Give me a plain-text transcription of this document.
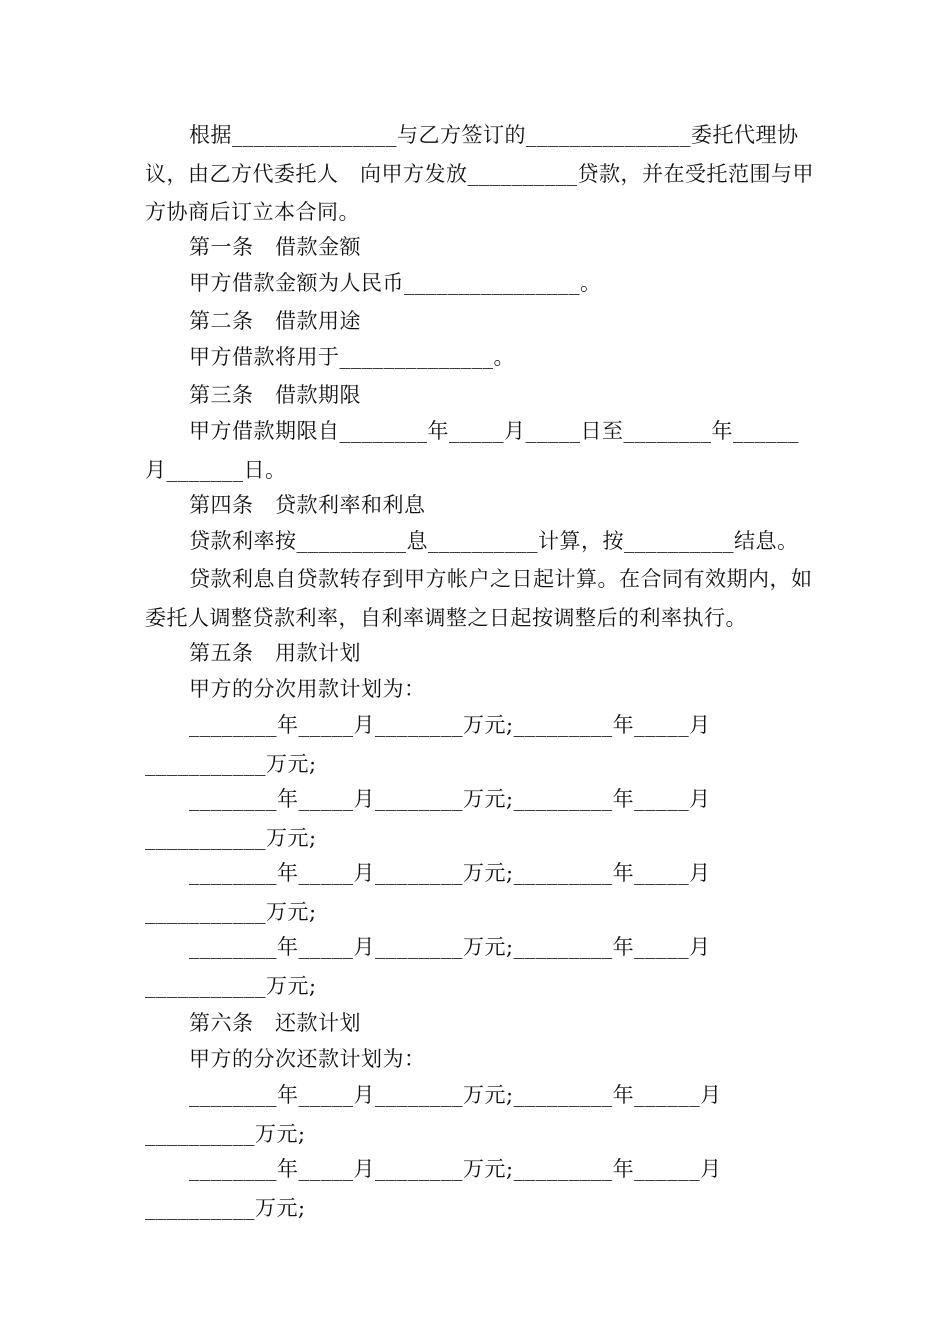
根据_______________与乙方签订的_______________委托代理协议，由乙方代委托人　向甲方发放__________贷款，并在受托范围与甲方协商后订立本合同。

第一条　借款金额

甲方借款金额为人民币________________。

第二条　借款用途

甲方借款将用于______________。

第三条　借款期限

甲方借款期限自________年_____月_____日至________年______月_______日。

第四条　贷款利率和利息

贷款利率按__________息__________计算，按__________结息。

贷款利息自贷款转存到甲方帐户之日起计算。在合同有效期内，如委托人调整贷款利率，自利率调整之日起按调整后的利率执行。

第五条　用款计划

甲方的分次用款计划为：

________年_____月________万元;_________年_____月___________万元;

________年_____月________万元;_________年_____月___________万元;

________年_____月________万元;_________年_____月___________万元;

________年_____月________万元;_________年_____月___________万元;

第六条　还款计划

甲方的分次还款计划为：

________年_____月________万元;_________年______月__________万元;

________年_____月________万元;_________年______月__________万元;
